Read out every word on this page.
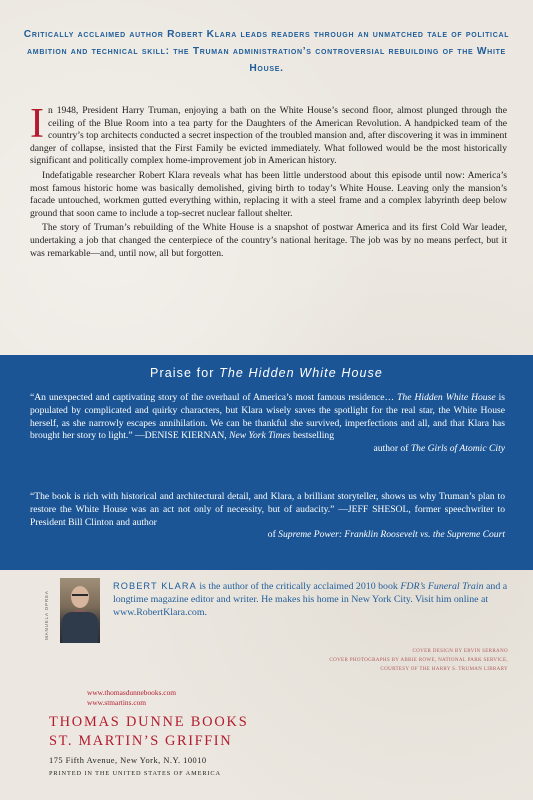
Critically acclaimed author Robert Klara leads readers through an unmatched tale of political ambition and technical skill: the Truman administration’s controversial rebuilding of the White House.

In 1948, President Harry Truman, enjoying a bath on the White House’s second floor, almost plunged through the ceiling of the Blue Room into a tea party for the Daughters of the American Revolution. A handpicked team of the country’s top architects conducted a secret inspection of the troubled mansion and, after discovering it was in imminent danger of collapse, insisted that the First Family be evicted immediately. What followed would be the most historically significant and politically complex home-improvement job in American history.

Indefatigable researcher Robert Klara reveals what has been little understood about this episode until now: America’s most famous historic home was basically demolished, giving birth to today’s White House. Leaving only the mansion’s facade untouched, workmen gutted everything within, replacing it with a steel frame and a complex labyrinth deep below ground that soon came to include a top-secret nuclear fallout shelter.

The story of Truman’s rebuilding of the White House is a snapshot of postwar America and its first Cold War leader, undertaking a job that changed the centerpiece of the country’s national heritage. The job was by no means perfect, but it was remarkable—and, until now, all but forgotten.

Praise for The Hidden White House

“An unexpected and captivating story of the overhaul of America’s most famous residence… The Hidden White House is populated by complicated and quirky characters, but Klara wisely saves the spotlight for the real star, the White House herself, as she narrowly escapes annihilation. We can be thankful she survived, imperfections and all, and that Klara has brought her story to light.” —DENISE KIERNAN, New York Times bestselling

author of The Girls of Atomic City

“The book is rich with historical and architectural detail, and Klara, a brilliant storyteller, shows us why Truman’s plan to restore the White House was an act not only of necessity, but of audacity.” —JEFF SHESOL, former speechwriter to President Bill Clinton and author

of Supreme Power: Franklin Roosevelt vs. the Supreme Court
MANUELA OPREA
ROBERT KLARA is the author of the critically acclaimed 2010 book FDR’s Funeral Train and a longtime magazine editor and writer. He makes his home in New York City. Visit him online at www.RobertKlara.com.
COVER DESIGN BY ERVIN SERRANO
COVER PHOTOGRAPHS BY ABBIE ROWE, NATIONAL PARK SERVICE,
COURTESY OF THE HARRY S. TRUMAN LIBRARY
www.thomasdunnebooks.com
www.stmartins.com
THOMAS DUNNE BOOKS
ST. MARTIN’S GRIFFIN
175 Fifth Avenue, New York, N.Y. 10010
PRINTED IN THE UNITED STATES OF AMERICA
